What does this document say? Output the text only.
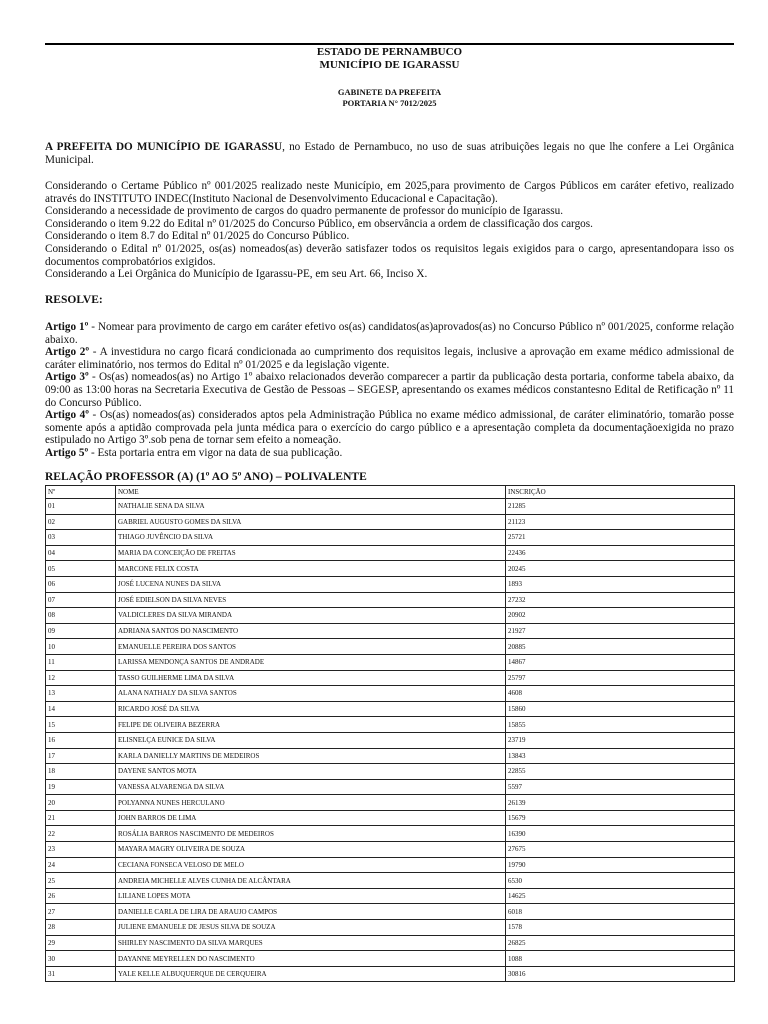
ESTADO DE PERNAMBUCO
MUNICÍPIO DE IGARASSU
GABINETE DA PREFEITA
PORTARIA N° 7012/2025
A PREFEITA DO MUNICÍPIO DE IGARASSU, no Estado de Pernambuco, no uso de suas atribuições legais no que lhe confere a Lei Orgânica Municipal.

Considerando o Certame Público nº 001/2025 realizado neste Município, em 2025,para provimento de Cargos Públicos em caráter efetivo, realizado através do INSTITUTO INDEC(Instituto Nacional de Desenvolvimento Educacional e Capacitação).

Considerando a necessidade de provimento de cargos do quadro permanente de professor do município de Igarassu.

Considerando o item 9.22 do Edital nº 01/2025 do Concurso Público, em observância a ordem de classificação dos cargos.

Considerando o item 8.7 do Edital nº 01/2025 do Concurso Público.

Considerando o Edital nº 01/2025, os(as) nomeados(as) deverão satisfazer todos os requisitos legais exigidos para o cargo, apresentandopara isso os documentos comprobatórios exigidos.

Considerando a Lei Orgânica do Município de Igarassu-PE, em seu Art. 66, Inciso X.

RESOLVE:

Artigo 1º - Nomear para provimento de cargo em caráter efetivo os(as) candidatos(as)aprovados(as) no Concurso Público nº 001/2025, conforme relação abaixo.

Artigo 2º - A investidura no cargo ficará condicionada ao cumprimento dos requisitos legais, inclusive a aprovação em exame médico admissional de caráter eliminatório, nos termos do Edital nº 01/2025 e da legislação vigente.

Artigo 3º - Os(as) nomeados(as) no Artigo 1º abaixo relacionados deverão comparecer a partir da publicação desta portaria, conforme tabela abaixo, da 09:00 as 13:00 horas na Secretaria Executiva de Gestão de Pessoas – SEGESP, apresentando os exames médicos constantesno Edital de Retificação nº 11 do Concurso Público.

Artigo 4º - Os(as) nomeados(as) considerados aptos pela Administração Pública no exame médico admissional, de caráter eliminatório, tomarão posse somente após a aptidão comprovada pela junta médica para o exercício do cargo público e a apresentação completa da documentaçãoexigida no prazo estipulado no Artigo 3º.sob pena de tornar sem efeito a nomeação.

Artigo 5º - Esta portaria entra em vigor na data de sua publicação.

RELAÇÃO PROFESSOR (A) (1º AO 5º ANO) – POLIVALENTE
Nº	NOME	INSCRIÇÃO
01	NATHALIE SENA DA SILVA	21285
02	GABRIEL AUGUSTO GOMES DA SILVA	21123
03	THIAGO JUVÊNCIO DA SILVA	25721
04	MARIA DA CONCEIÇÃO DE FREITAS	22436
05	MARCONE FELIX COSTA	20245
06	JOSÉ LUCENA NUNES DA SILVA	1893
07	JOSÉ EDIELSON DA SILVA NEVES	27232
08	VALDICLERES DA SILVA MIRANDA	20902
09	ADRIANA SANTOS DO NASCIMENTO	21927
10	EMANUELLE PEREIRA DOS SANTOS	20885
11	LARISSA MENDONÇA SANTOS DE ANDRADE	14867
12	TASSO GUILHERME LIMA DA SILVA	25797
13	ALANA NATHALY DA SILVA SANTOS	4608
14	RICARDO JOSÉ DA SILVA	15860
15	FELIPE DE OLIVEIRA BEZERRA	15855
16	ELISNELÇA EUNICE DA SILVA	23719
17	KARLA DANIELLY MARTINS DE MEDEIROS	13843
18	DAYENE SANTOS MOTA	22855
19	VANESSA ALVARENGA DA SILVA	5597
20	POLYANNA NUNES HERCULANO	26139
21	JOHN BARROS DE LIMA	15679
22	ROSÁLIA BARROS NASCIMENTO DE MEDEIROS	16390
23	MAYARA MAGRY OLIVEIRA DE SOUZA	27675
24	CECIANA FONSECA VELOSO DE MELO	19790
25	ANDREIA MICHELLE ALVES CUNHA DE ALCÂNTARA	6530
26	LILIANE LOPES MOTA	14625
27	DANIELLE CARLA DE LIRA DE ARAUJO CAMPOS	6018
28	JULIENE EMANUELE DE JESUS SILVA DE SOUZA	1578
29	SHIRLEY NASCIMENTO DA SILVA MARQUES	26825
30	DAYANNE MEYRELLEN DO NASCIMENTO	1088
31	YALE KELLE ALBUQUERQUE DE CERQUEIRA	30816
